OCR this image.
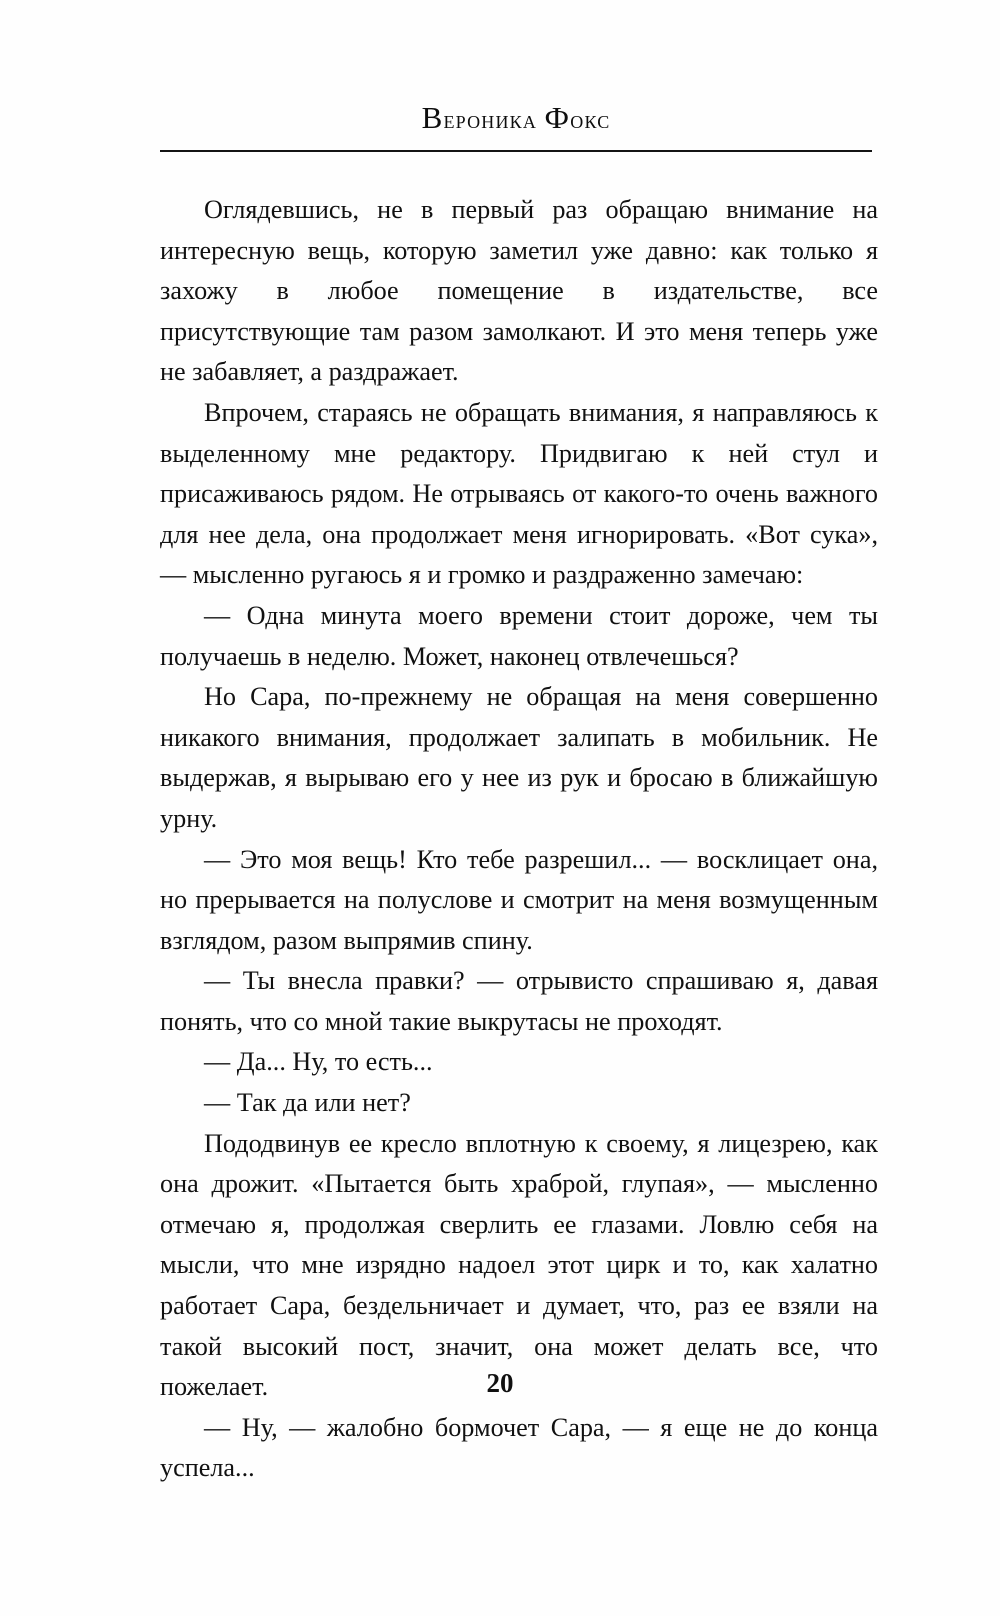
Вероника Фокс

Оглядевшись, не в первый раз обращаю внимание на интересную вещь, которую заметил уже давно: как только я захожу в любое помещение в издательстве, все присутствующие там разом замолкают. И это меня теперь уже не забавляет, а раздражает.

Впрочем, стараясь не обращать внимания, я направляюсь к выделенному мне редактору. Придвигаю к ней стул и присаживаюсь рядом. Не отрываясь от какого-то очень важного для нее дела, она продолжает меня игнорировать. «Вот сука», — мысленно ругаюсь я и громко и раздраженно замечаю:

— Одна минута моего времени стоит дороже, чем ты получаешь в неделю. Может, наконец отвлечешься?

Но Сара, по-прежнему не обращая на меня совершенно никакого внимания, продолжает залипать в мобильник. Не выдержав, я вырываю его у нее из рук и бросаю в ближайшую урну.

— Это моя вещь! Кто тебе разрешил... — восклицает она, но прерывается на полуслове и смотрит на меня возмущенным взглядом, разом выпрямив спину.

— Ты внесла правки? — отрывисто спрашиваю я, давая понять, что со мной такие выкрутасы не проходят.

— Да... Ну, то есть...

— Так да или нет?

Пододвинув ее кресло вплотную к своему, я лицезрею, как она дрожит. «Пытается быть храброй, глупая», — мысленно отмечаю я, продолжая сверлить ее глазами. Ловлю себя на мысли, что мне изрядно надоел этот цирк и то, как халатно работает Сара, бездельничает и думает, что, раз ее взяли на такой высокий пост, значит, она может делать все, что пожелает.

— Ну, — жалобно бормочет Сара, — я еще не до конца успела...

20
